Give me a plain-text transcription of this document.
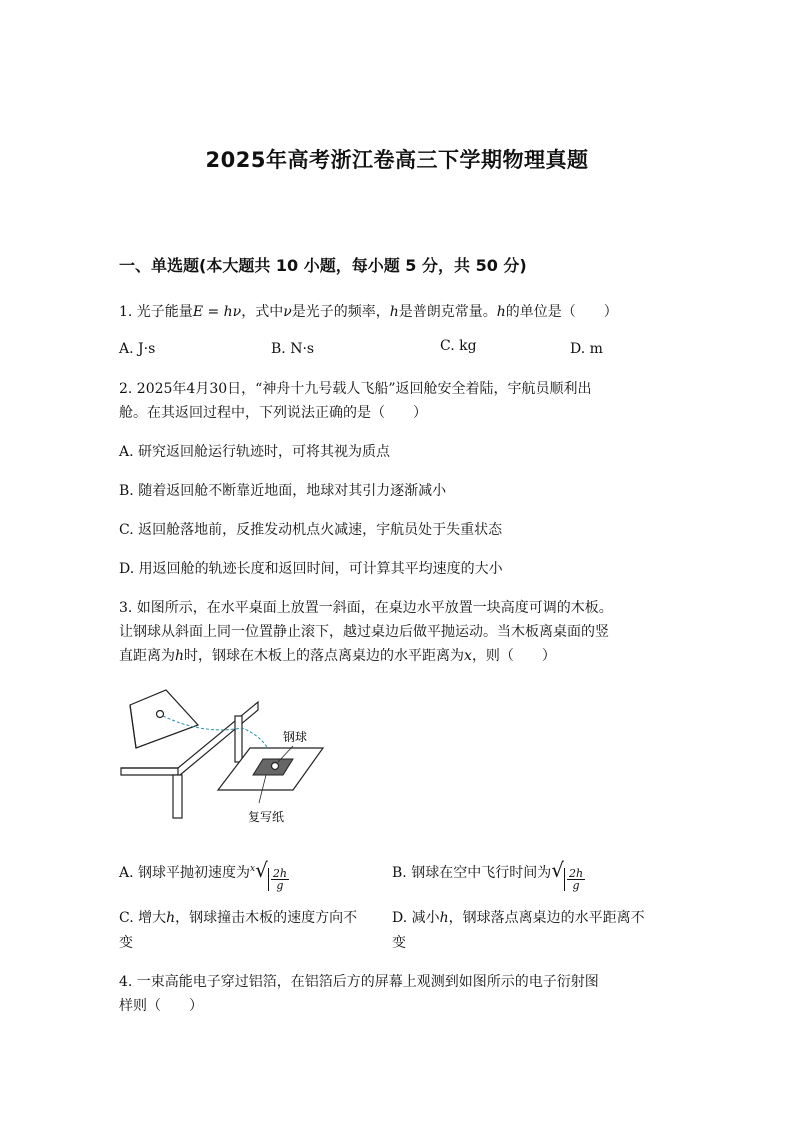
2025年高考浙江卷高三下学期物理真题
一、单选题(本大题共 10 小题，每小题 5 分，共 50 分)
1. 光子能量E = hν，式中ν是光子的频率，h是普朗克常量。h的单位是（　　）
A. J·s	B. N·s	C. kg	D. m
2. 2025年4月30日，“神舟十九号载人飞船”返回舱安全着陆，宇航员顺利出
舱。在其返回过程中，下列说法正确的是（　　）
A. 研究返回舱运行轨迹时，可将其视为质点
B. 随着返回舱不断靠近地面，地球对其引力逐渐减小
C. 返回舱落地前，反推发动机点火减速，宇航员处于失重状态
D. 用返回舱的轨迹长度和返回时间，可计算其平均速度的大小
3. 如图所示，在水平桌面上放置一斜面，在桌边水平放置一块高度可调的木板。
让钢球从斜面上同一位置静止滚下，越过桌边后做平抛运动。当木板离桌面的竖
直距离为h时，钢球在木板上的落点离桌边的水平距离为x，则（　　）
钢球
复写纸
A. 钢球平抛初速度为$^x√ \frac{2h}{g}$	B. 钢球在空中飞行时间为√ $\frac{2h}{g}$
C. 增大h，钢球撞击木板的速度方向不
变
D. 减小h，钢球落点离桌边的水平距离不
变
4. 一束高能电子穿过铝箔，在铝箔后方的屏幕上观测到如图所示的电子衍射图
样则（　　）
